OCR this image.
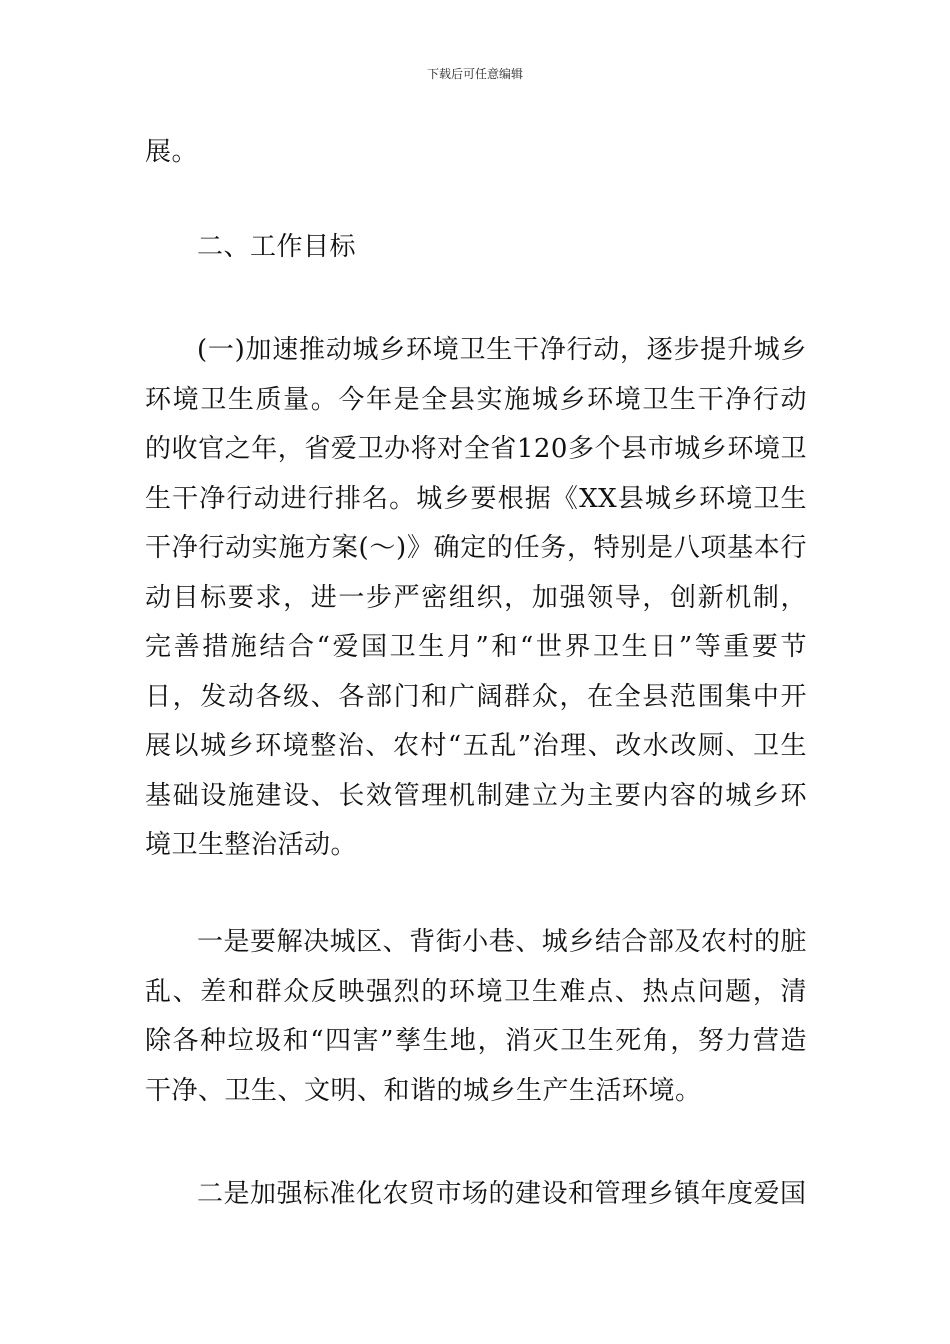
下载后可任意编辑

展。

二、工作目标

(一)加速推动城乡环境卫生干净行动，逐步提升城乡环境卫生质量。今年是全县实施城乡环境卫生干净行动的收官之年，省爱卫办将对全省120多个县市城乡环境卫生干净行动进行排名。城乡要根据《XX县城乡环境卫生干净行动实施方案(～)》确定的任务，特别是八项基本行动目标要求，进一步严密组织，加强领导，创新机制，完善措施结合“爱国卫生月”和“世界卫生日”等重要节日，发动各级、各部门和广阔群众，在全县范围集中开展以城乡环境整治、农村“五乱”治理、改水改厕、卫生基础设施建设、长效管理机制建立为主要内容的城乡环境卫生整治活动。

一是要解决城区、背街小巷、城乡结合部及农村的脏乱、差和群众反映强烈的环境卫生难点、热点问题，清除各种垃圾和“四害”孳生地，消灭卫生死角，努力营造干净、卫生、文明、和谐的城乡生产生活环境。

二是加强标准化农贸市场的建设和管理乡镇年度爱国
